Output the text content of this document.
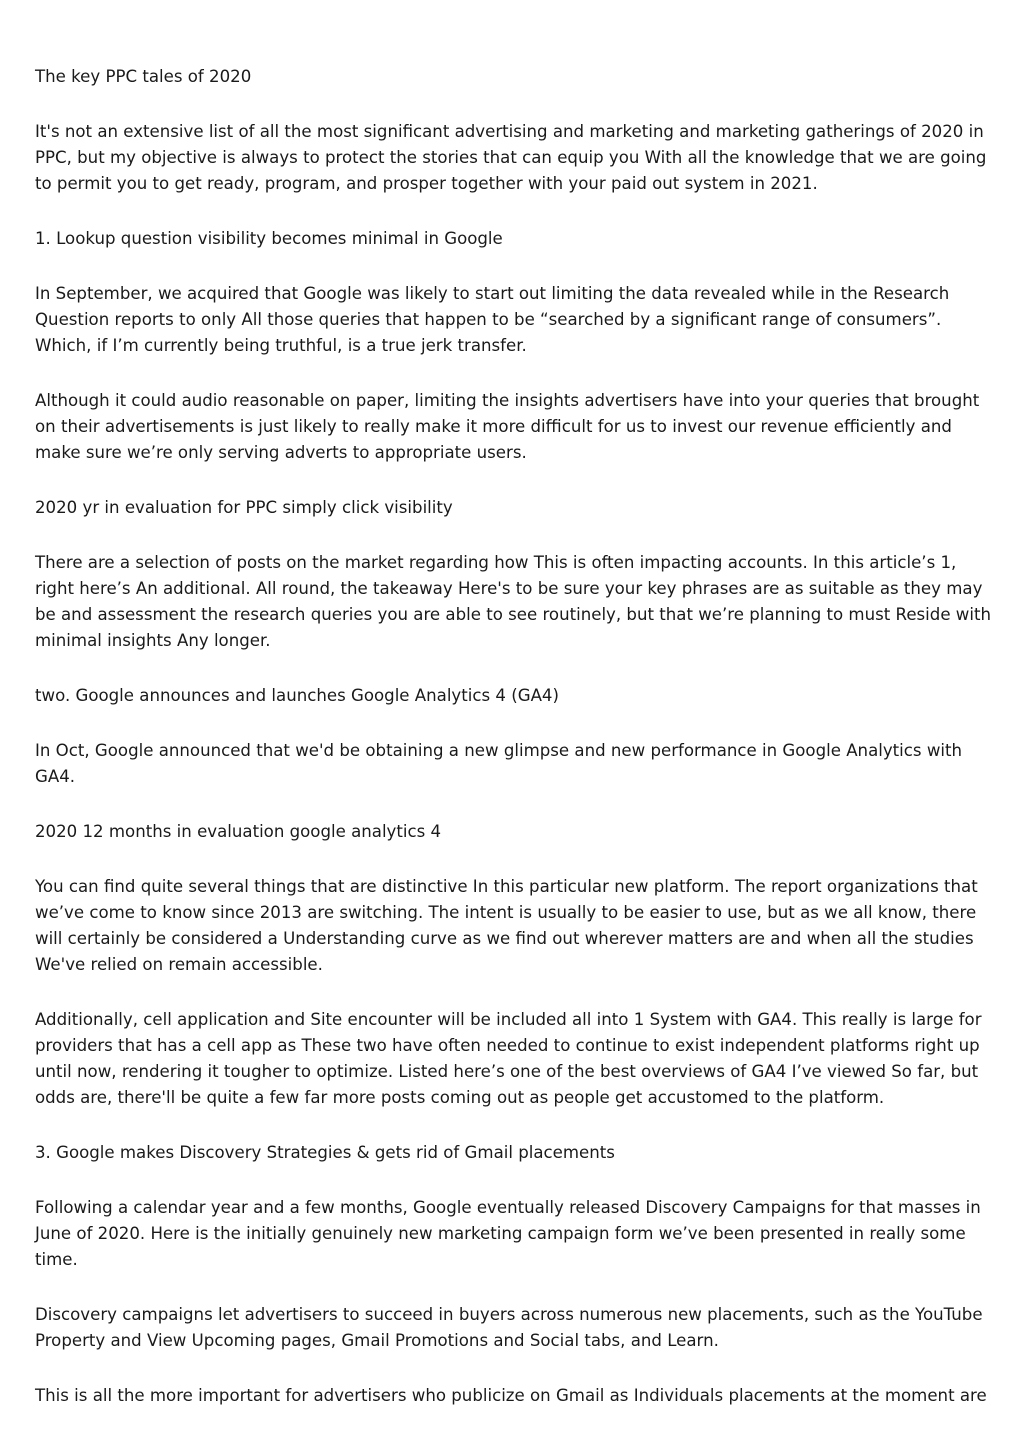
The key PPC tales of 2020

It's not an extensive list of all the most significant advertising and marketing and marketing gatherings of 2020 in PPC, but my objective is always to protect the stories that can equip you With all the knowledge that we are going to permit you to get ready, program, and prosper together with your paid out system in 2021.

1. Lookup question visibility becomes minimal in Google

In September, we acquired that Google was likely to start out limiting the data revealed while in the Research Question reports to only All those queries that happen to be “searched by a significant range of consumers”. Which, if I’m currently being truthful, is a true jerk transfer.

Although it could audio reasonable on paper, limiting the insights advertisers have into your queries that brought on their advertisements is just likely to really make it more difficult for us to invest our revenue efficiently and make sure we’re only serving adverts to appropriate users.

2020 yr in evaluation for PPC simply click visibility

There are a selection of posts on the market regarding how This is often impacting accounts. In this article’s 1, right here’s An additional. All round, the takeaway Here's to be sure your key phrases are as suitable as they may be and assessment the research queries you are able to see routinely, but that we’re planning to must Reside with minimal insights Any longer.

two. Google announces and launches Google Analytics 4 (GA4)

In Oct, Google announced that we'd be obtaining a new glimpse and new performance in Google Analytics with GA4.

2020 12 months in evaluation google analytics 4

You can find quite several things that are distinctive In this particular new platform. The report organizations that we’ve come to know since 2013 are switching. The intent is usually to be easier to use, but as we all know, there will certainly be considered a Understanding curve as we find out wherever matters are and when all the studies We've relied on remain accessible.

Additionally, cell application and Site encounter will be included all into 1 System with GA4. This really is large for providers that has a cell app as These two have often needed to continue to exist independent platforms right up until now, rendering it tougher to optimize. Listed here’s one of the best overviews of GA4 I’ve viewed So far, but odds are, there'll be quite a few far more posts coming out as people get accustomed to the platform.

3. Google makes Discovery Strategies & gets rid of Gmail placements

Following a calendar year and a few months, Google eventually released Discovery Campaigns for that masses in June of 2020. Here is the initially genuinely new marketing campaign form we’ve been presented in really some time.

Discovery campaigns let advertisers to succeed in buyers across numerous new placements, such as the YouTube Property and View Upcoming pages, Gmail Promotions and Social tabs, and Learn.

This is all the more important for advertisers who publicize on Gmail as Individuals placements at the moment are
